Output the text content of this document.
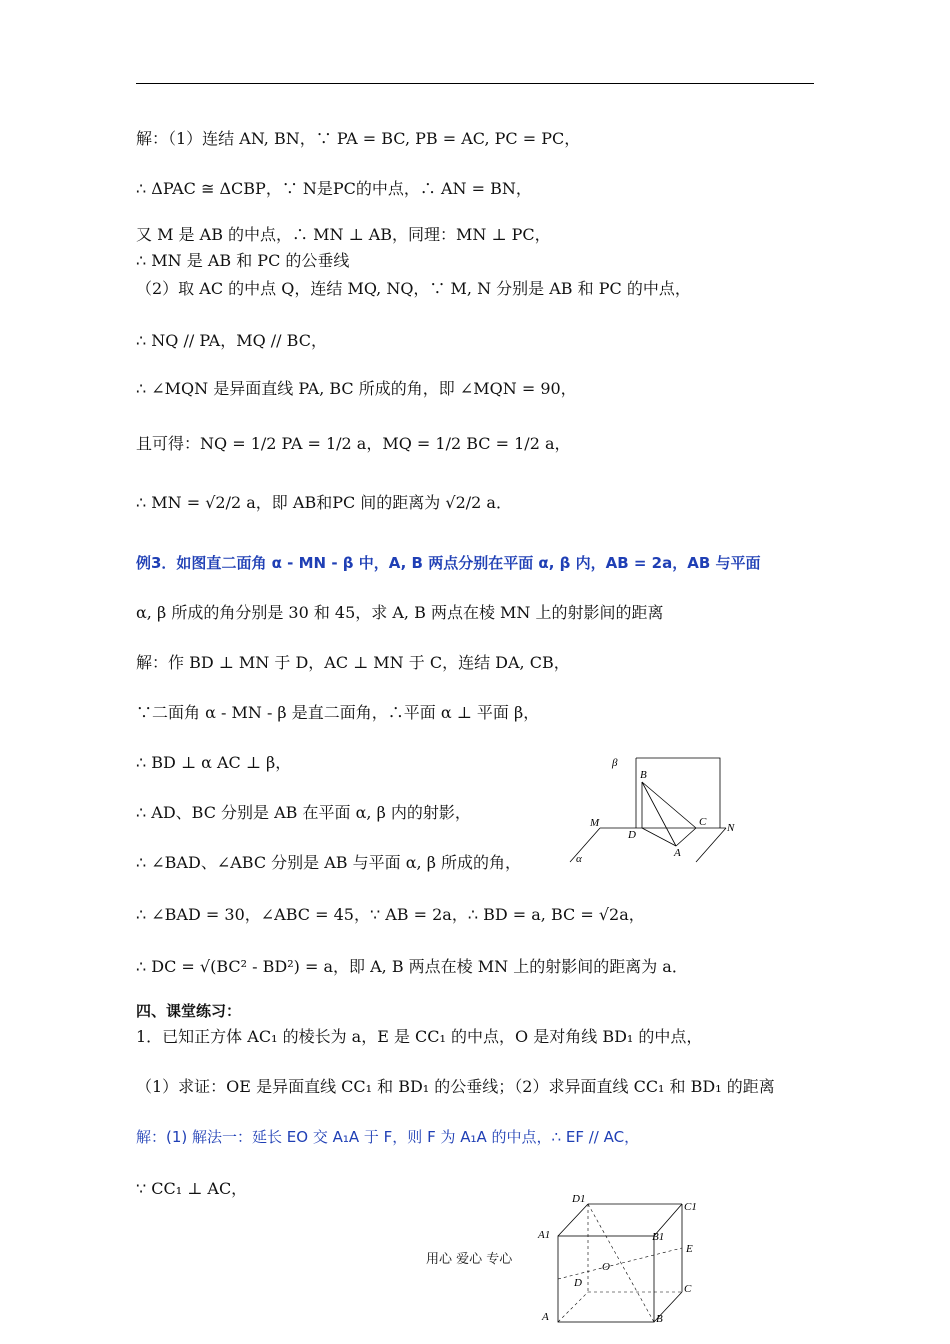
解：（1）连结 AN, BN，∵ PA = BC, PB = AC, PC = PC，
∴ ΔPAC ≅ ΔCBP，∵ N是PC的中点，∴ AN = BN，
又 M 是 AB 的中点，∴ MN ⊥ AB，同理：MN ⊥ PC，
∴ MN 是 AB 和 PC 的公垂线
（2）取 AC 的中点 Q，连结 MQ, NQ，∵ M, N 分别是 AB 和 PC 的中点，
∴ NQ // PA，MQ // BC，
∴ ∠MQN 是异面直线 PA, BC 所成的角，即 ∠MQN = 90，
且可得：NQ = 1/2 PA = 1/2 a，MQ = 1/2 BC = 1/2 a，
∴ MN = √2/2 a，即 AB和PC 间的距离为 √2/2 a．
例3．如图直二面角 α - MN - β 中，A, B 两点分别在平面 α, β 内，AB = 2a，AB 与平面
α, β 所成的角分别是 30 和 45，求 A, B 两点在棱 MN 上的射影间的距离
解：作 BD ⊥ MN 于 D，AC ⊥ MN 于 C，连结 DA, CB，
∵二面角 α - MN - β 是直二面角，∴平面 α ⊥ 平面 β，
∴ BD ⊥ α AC ⊥ β，
∴ AD、BC 分别是 AB 在平面 α, β 内的射影，
∴ ∠BAD、∠ABC 分别是 AB 与平面 α, β 所成的角，
∴ ∠BAD = 30，∠ABC = 45，∵ AB = 2a，∴ BD = a, BC = √2a，
∴ DC = √(BC² - BD²) = a，即 A, B 两点在棱 MN 上的射影间的距离为 a．
四、课堂练习：
1．已知正方体 AC₁ 的棱长为 a，E 是 CC₁ 的中点，O 是对角线 BD₁ 的中点，
（1）求证：OE 是异面直线 CC₁ 和 BD₁ 的公垂线；（2）求异面直线 CC₁ 和 BD₁ 的距离
解：(1) 解法一：延长 EO 交 A₁A 于 F，则 F 为 A₁A 的中点，∴ EF // AC，
∵ CC₁ ⊥ AC，
β
B
M
D
C N
A
α
D1
C1
A1	B1
E
O
D	C
A	B
用心 爱心 专心
